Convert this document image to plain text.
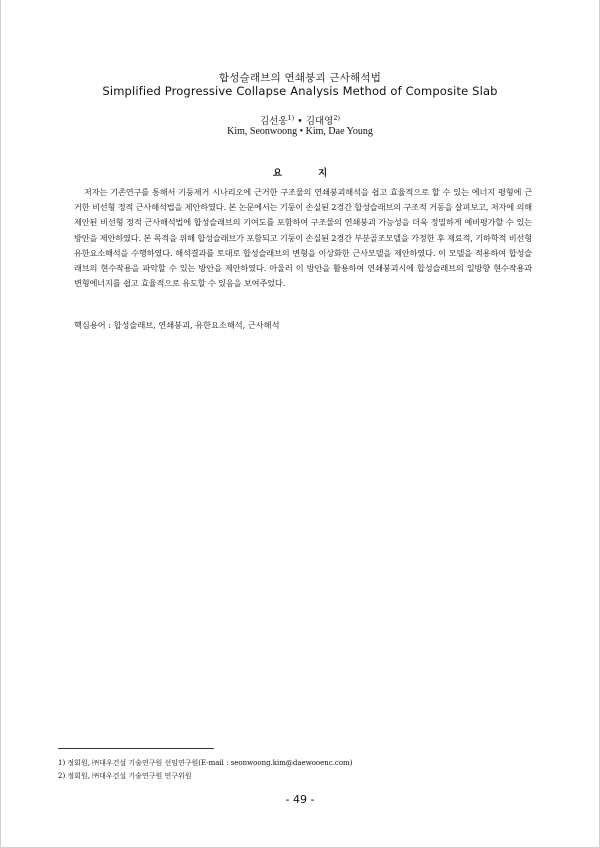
합성슬래브의 연쇄붕괴 근사해석법
Simplified Progressive Collapse Analysis Method of Composite Slab
김선웅$^{1)}$ • 김대영$^{2)}$
Kim, Seonwoong • Kim, Dae Young
요지

저자는 기존연구를 통해서 기둥제거 시나리오에 근거한 구조물의 연쇄붕괴해석을 쉽고 효율적으로 할 수 있는 에너지 평형에 근거한 비선형 정적 근사해석법을 제안하였다. 본 논문에서는 기둥이 손실된 2경간 합성슬래브의 구조적 거동을 살펴보고, 저자에 의해 제안된 비선형 정적 근사해석법에 합성슬래브의 기여도를 포함하여 구조물의 연쇄붕괴 가능성을 더욱 정밀하게 예비평가할 수 있는 방안을 제안하였다. 본 목적을 위해 합성슬래브가 포함되고 기둥이 손실된 2경간 부분골조모델을 가정한 후 재료적, 기하학적 비선형 유한요소해석을 수행하였다. 해석결과를 토대로 합성슬래브의 변형을 이상화한 근사모델을 제안하였다. 이 모델을 적용하여 합성슬래브의 현수작용을 파악할 수 있는 방안을 제안하였다. 아울러 이 방안을 활용하여 연쇄붕괴시에 합성슬래브의 일방향 현수작용과 변형에너지를 쉽고 효율적으로 유도할 수 있음을 보여주었다.

핵심용어 : 합성슬래브, 연쇄붕괴, 유한요소해석, 근사해석
1) 정회원, ㈜대우건설 기술연구원 선임연구원(E-mail : seonwoong.kim@daewooenc.com)
2) 정회원, ㈜대우건설 기술연구원 연구위원
- 49 -
